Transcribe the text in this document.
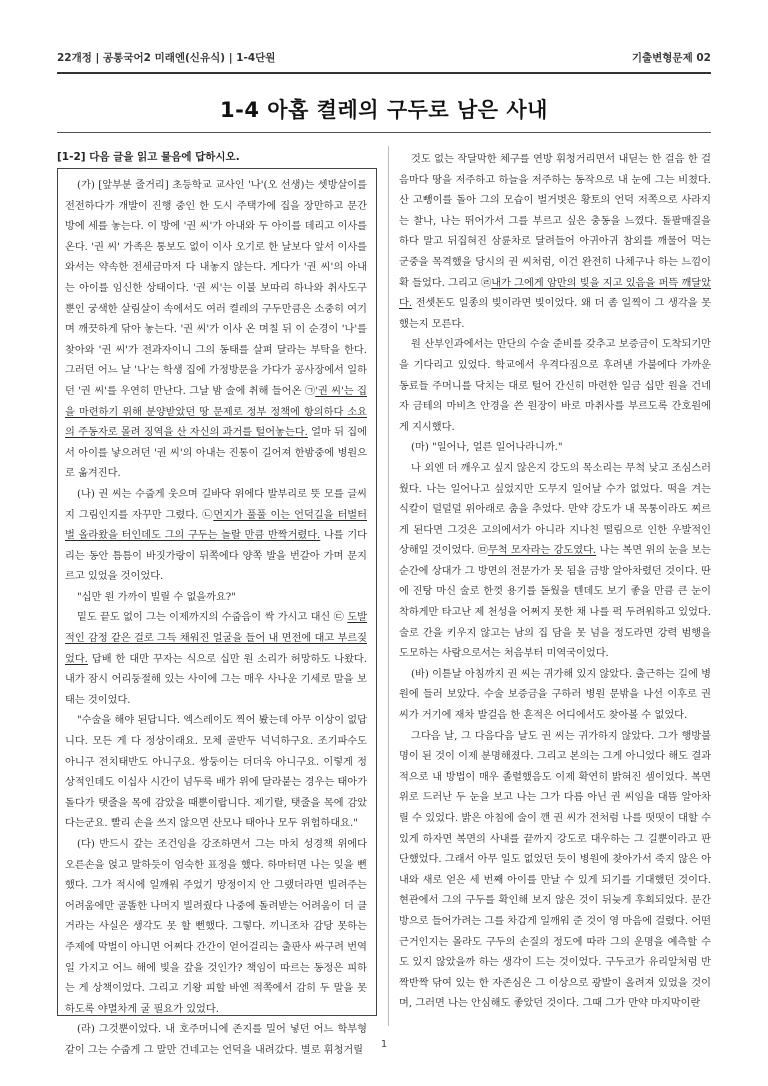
22개정 | 공통국어2 미래엔(신유식) | 1-4단원	기출변형문제 02
1-4 아홉 켤레의 구두로 남은 사내
[1-2] 다음 글을 읽고 물음에 답하시오.

(가) [앞부분 줄거리] 초등학교 교사인 '나'(오 선생)는 셋방살이를 전전하다가 개발이 진행 중인 한 도시 주택가에 집을 장만하고 문간방에 세를 놓는다. 이 방에 '권 씨'가 아내와 두 아이를 데리고 이사를 온다. '권 씨' 가족은 통보도 없이 이사 오기로 한 날보다 앞서 이사를 와서는 약속한 전세금마저 다 내놓지 않는다. 게다가 '권 씨'의 아내는 아이를 임신한 상태이다. '권 씨'는 이불 보따리 하나와 취사도구뿐인 궁색한 살림살이 속에서도 여러 켤레의 구두만큼은 소중히 여기며 깨끗하게 닦아 놓는다. '권 씨'가 이사 온 며칠 뒤 이 순경이 '나'를 찾아와 '권 씨'가 전과자이니 그의 동태를 살펴 달라는 부탁을 한다. 그러던 어느 날 '나'는 학생 집에 가정방문을 가다가 공사장에서 일하던 '권 씨'를 우연히 만난다. 그날 밤 술에 취해 들어온 ㉠'권 씨'는 집을 마련하기 위해 분양받았던 땅 문제로 정부 정책에 항의하다 소요의 주동자로 몰려 징역을 산 자신의 과거를 털어놓는다. 얼마 뒤 집에서 아이를 낳으려던 '권 씨'의 아내는 진통이 길어져 한밤중에 병원으로 옮겨진다.

(나) 권 씨는 수줍게 웃으며 길바닥 위에다 발부리로 뜻 모를 글씨지 그림인지를 자꾸만 그렸다. ㉡먼지가 풀풀 이는 언덕길을 터벌터벌 올라왔을 터인데도 그의 구두는 놀랄 만큼 반짝거렸다. 나를 기다리는 동안 틈틈이 바짓가랑이 뒤쪽에다 양쪽 발을 번갈아 가며 문지르고 있었을 것이었다.

"십만 원 가까이 빌릴 수 없을까요?"

밑도 끝도 없이 그는 이제까지의 수줍음이 싹 가시고 대신 ㉢ 도발적인 감정 같은 걸로 그득 채워진 얼굴을 들어 내 면전에 대고 부르짖었다. 답배 한 대만 꾸자는 식으로 십만 원 소리가 허망하도 나왔다. 내가 잠시 어리둥절해 있는 사이에 그는 매우 사나운 기세로 말을 보태는 것이었다.

"수술을 해야 된답니다. 엑스레이도 찍어 봤는데 아무 이상이 없답니다. 모든 게 다 정상이래요. 모체 골반두 넉넉하구요. 조기파수도 아니구 전치태반도 아니구요. 쌍둥이는 더더욱 아니구요. 이렇게 정상적인데도 이십사 시간이 넘두룩 배가 위에 달라붙는 경우는 태아가 돌다가 탯줄을 목에 감았을 때뿐이랍니다. 제기랄, 탯줄을 목에 감았다는군요. 빨리 손을 쓰지 않으면 산모나 태아나 모두 위험하대요."

(다) 반드시 갚는 조건임을 강조하면서 그는 마치 성경책 위에다 오른손을 얹고 말하듯이 엄숙한 표정을 했다. 하마터면 나는 잊을 뻔했다. 그가 적시에 일깨워 주었기 망정이지 안 그랬더라면 빌려주는 어려움에만 골똘한 나머지 빌려줬다 나중에 돌려받는 어려움이 더 클 거라는 사실은 생각도 못 할 뻔했다. 그렇다. 끼니조차 감당 못하는 주제에 막벌이 아니면 어쩌다 간간이 얻어걸리는 출판사 싸구려 번역 일 가지고 어느 해에 빚을 갚을 것인가? 책임이 따르는 동정은 피하는 게 상책이었다. 그리고 기왕 피할 바엔 적쪽에서 감히 두 말을 못 하도록 야멸차게 굴 필요가 있었다.

(라) 그것뿐이었다. 내 호주머니에 존지를 밀어 넣던 어느 학부형같이 그는 수줍게 그 말만 건네고는 언덕을 내려갔다. 별로 휘청거릴

것도 없는 작달막한 체구를 연방 휘청거리면서 내딛는 한 걸음 한 걸음마다 땅을 저주하고 하늘을 저주하는 동작으로 내 눈에 그는 비쳤다. 산 고뺑이를 돌아 그의 모습이 벌거벗은 황토의 언덕 저쪽으로 사라지는 찰나, 나는 뛰어가서 그를 부르고 싶은 충동을 느꼈다. 돌팔매질을 하다 말고 뒤집혀진 삼륜차로 달려들어 아귀아귀 참외를 깨물어 먹는 군중을 목격했을 당시의 권 씨처럼, 이건 완전히 나체구나 하는 느낌이 확 들었다. 그리고 ㉣내가 그에게 암만의 빚을 지고 있음을 퍼뜩 깨달았다. 전셋돈도 일종의 빚이라면 빚이었다. 왜 더 좀 일찍이 그 생각을 못 했는지 모른다.

원 산부인과에서는 만단의 수술 준비를 갖추고 보증금이 도착되기만을 기다리고 있었다. 학교에서 우격다짐으로 후려낸 가불에다 가까운 동료들 주머니를 닥치는 대로 털어 간신히 마련한 일금 십만 원을 건네자 금테의 마비츠 안경을 쓴 원장이 바로 마취사를 부르도록 간호원에게 지시했다.

(마) "일어나, 얼른 일어나라니까."

나 외엔 더 깨우고 싶지 않은지 강도의 목소리는 무척 낮고 조심스러웠다. 나는 일어나고 싶었지만 도무지 일어날 수가 없었다. 떡을 겨는 식칼이 덜덜덜 위아래로 춤을 추었다. 만약 강도가 내 목통이라도 찌르게 된다면 그것은 고의에서가 아니라 지나친 떨림으로 인한 우발적인 상해일 것이었다. ㉤무척 모자라는 강도였다. 나는 복면 위의 눈을 보는 순간에 상대가 그 방면의 전문가가 못 됨을 금방 알아차렸던 것이다. 딴에 진탕 마신 술로 한껏 용기를 돋웠을 텐데도 보기 좋을 만큼 큰 눈이 착하게만 타고난 제 천성을 어쩌지 못한 채 나를 퍽 두려워하고 있었다. 술로 간을 키우지 않고는 남의 집 담을 못 넘을 정도라면 강력 범행을 도모하는 사람으로서는 처음부터 미역국이었다.

(바) 이튿날 아침까지 권 씨는 귀가해 있지 않았다. 출근하는 길에 병원에 들러 보았다. 수술 보증금을 구하러 병원 문밖을 나선 이후로 권 씨가 거기에 재차 발걸음 한 흔적은 어디에서도 찾아볼 수 없었다.

그다음 날, 그 다음다음 날도 권 씨는 귀가하지 않았다. 그가 행방불명이 된 것이 이제 분명해졌다. 그리고 본의는 그게 아니었다 해도 결과적으로 내 방법이 매우 졸렬했음도 이제 확연히 밝혀진 셈이었다. 복면 위로 드러난 두 눈을 보고 나는 그가 다름 아닌 권 씨임을 대뜸 알아차릴 수 있었다. 밝은 아침에 술이 깬 권 씨가 전처럼 나를 떳떳이 대할 수 있게 하자면 복면의 사내를 끝까지 강도로 대우하는 그 길뿐이라고 판단했었다. 그래서 아무 일도 없었던 듯이 병원에 찾아가서 죽지 않은 아내와 새로 얻은 세 번째 아이를 만날 수 있게 되기를 기대했던 것이다. 현관에서 그의 구두를 확인해 보지 않은 것이 뒤늦게 후회되었다. 문간방으로 들어가려는 그를 차갑게 일깨워 준 것이 영 마음에 걸렸다. 어떤 근거인지는 몰라도 구두의 손질의 정도에 따라 그의 운명을 예측할 수도 있지 않았을까 하는 생각이 드는 것이었다. 구두코가 유리알처럼 반짝반짝 닦여 있는 한 자존심은 그 이상으로 광발이 올려져 있었을 것이며, 그러면 나는 안심해도 좋았던 것이다. 그때 그가 만약 마지막이란

1
